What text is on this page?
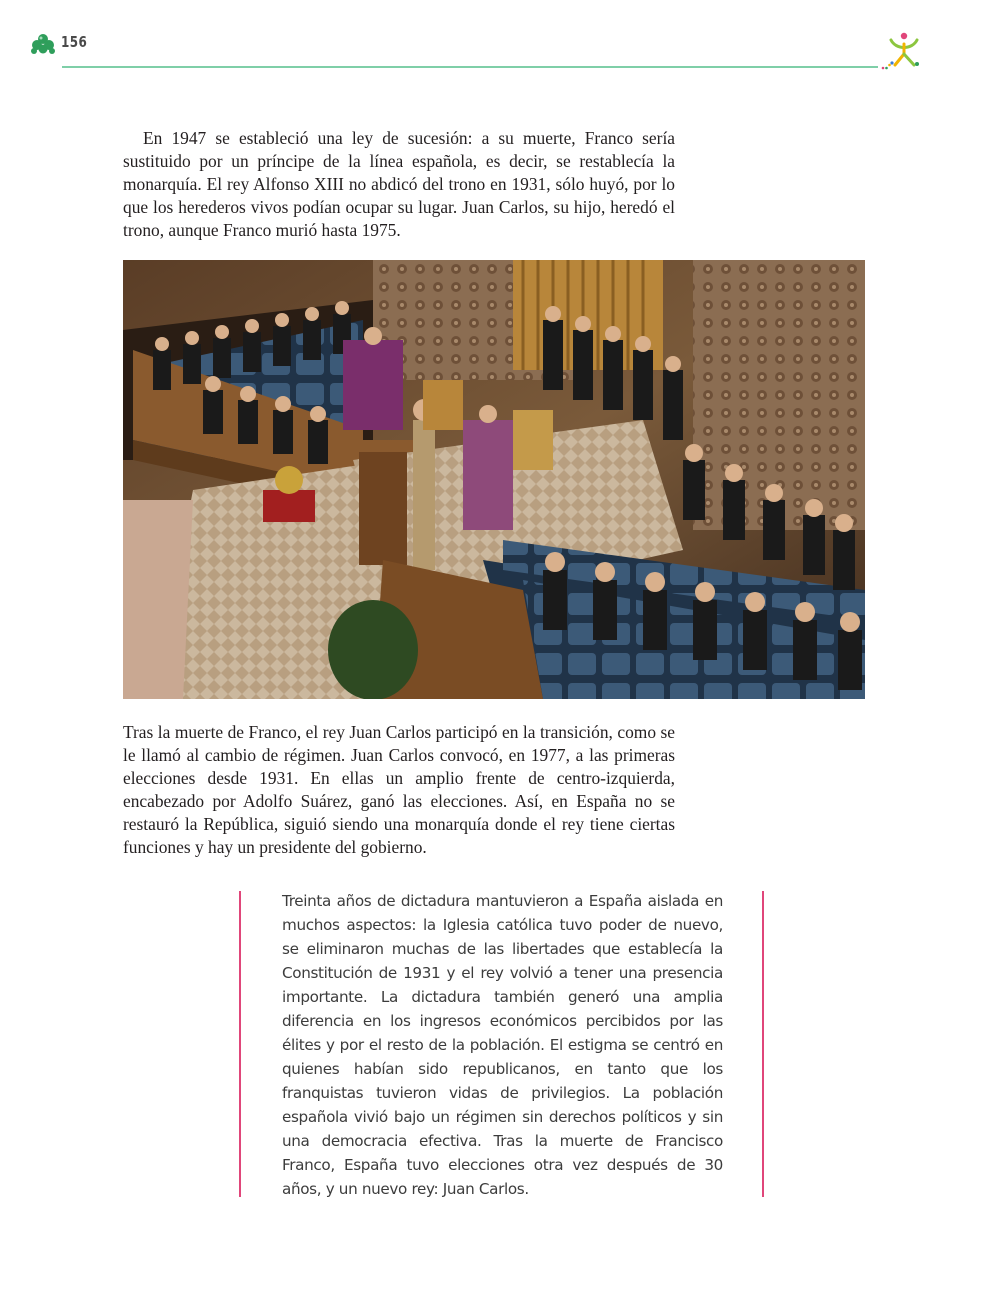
156

En 1947 se estableció una ley de sucesión: a su muerte, Franco sería sustituido por un príncipe de la línea española, es decir, se restablecía la monarquía. El rey Alfonso XIII no abdicó del trono en 1931, sólo huyó, por lo que los herederos vivos podían ocupar su lugar. Juan Carlos, su hijo, heredó el trono, aunque Franco murió hasta 1975.

Tras la muerte de Franco, el rey Juan Carlos participó en la transición, como se le llamó al cambio de régimen. Juan Carlos convocó, en 1977, a las primeras elecciones desde 1931. En ellas un amplio frente de centro-izquierda, encabezado por Adolfo Suárez, ganó las elecciones. Así, en España no se restauró la República, siguió siendo una monarquía donde el rey tiene ciertas funciones y hay un presidente del gobierno.

Treinta años de dictadura mantuvieron a España aislada en muchos aspectos: la Iglesia católica tuvo poder de nuevo, se eliminaron muchas de las libertades que establecía la Constitución de 1931 y el rey volvió a tener una presencia importante. La dictadura también generó una amplia diferencia en los ingresos económicos percibidos por las élites y por el resto de la población. El estigma se centró en quienes habían sido republicanos, en tanto que los franquistas tuvieron vidas de privilegios. La población española vivió bajo un régimen sin derechos políticos y sin una democracia efectiva. Tras la muerte de Francisco Franco, España tuvo elecciones otra vez después de 30 años, y un nuevo rey: Juan Carlos.
